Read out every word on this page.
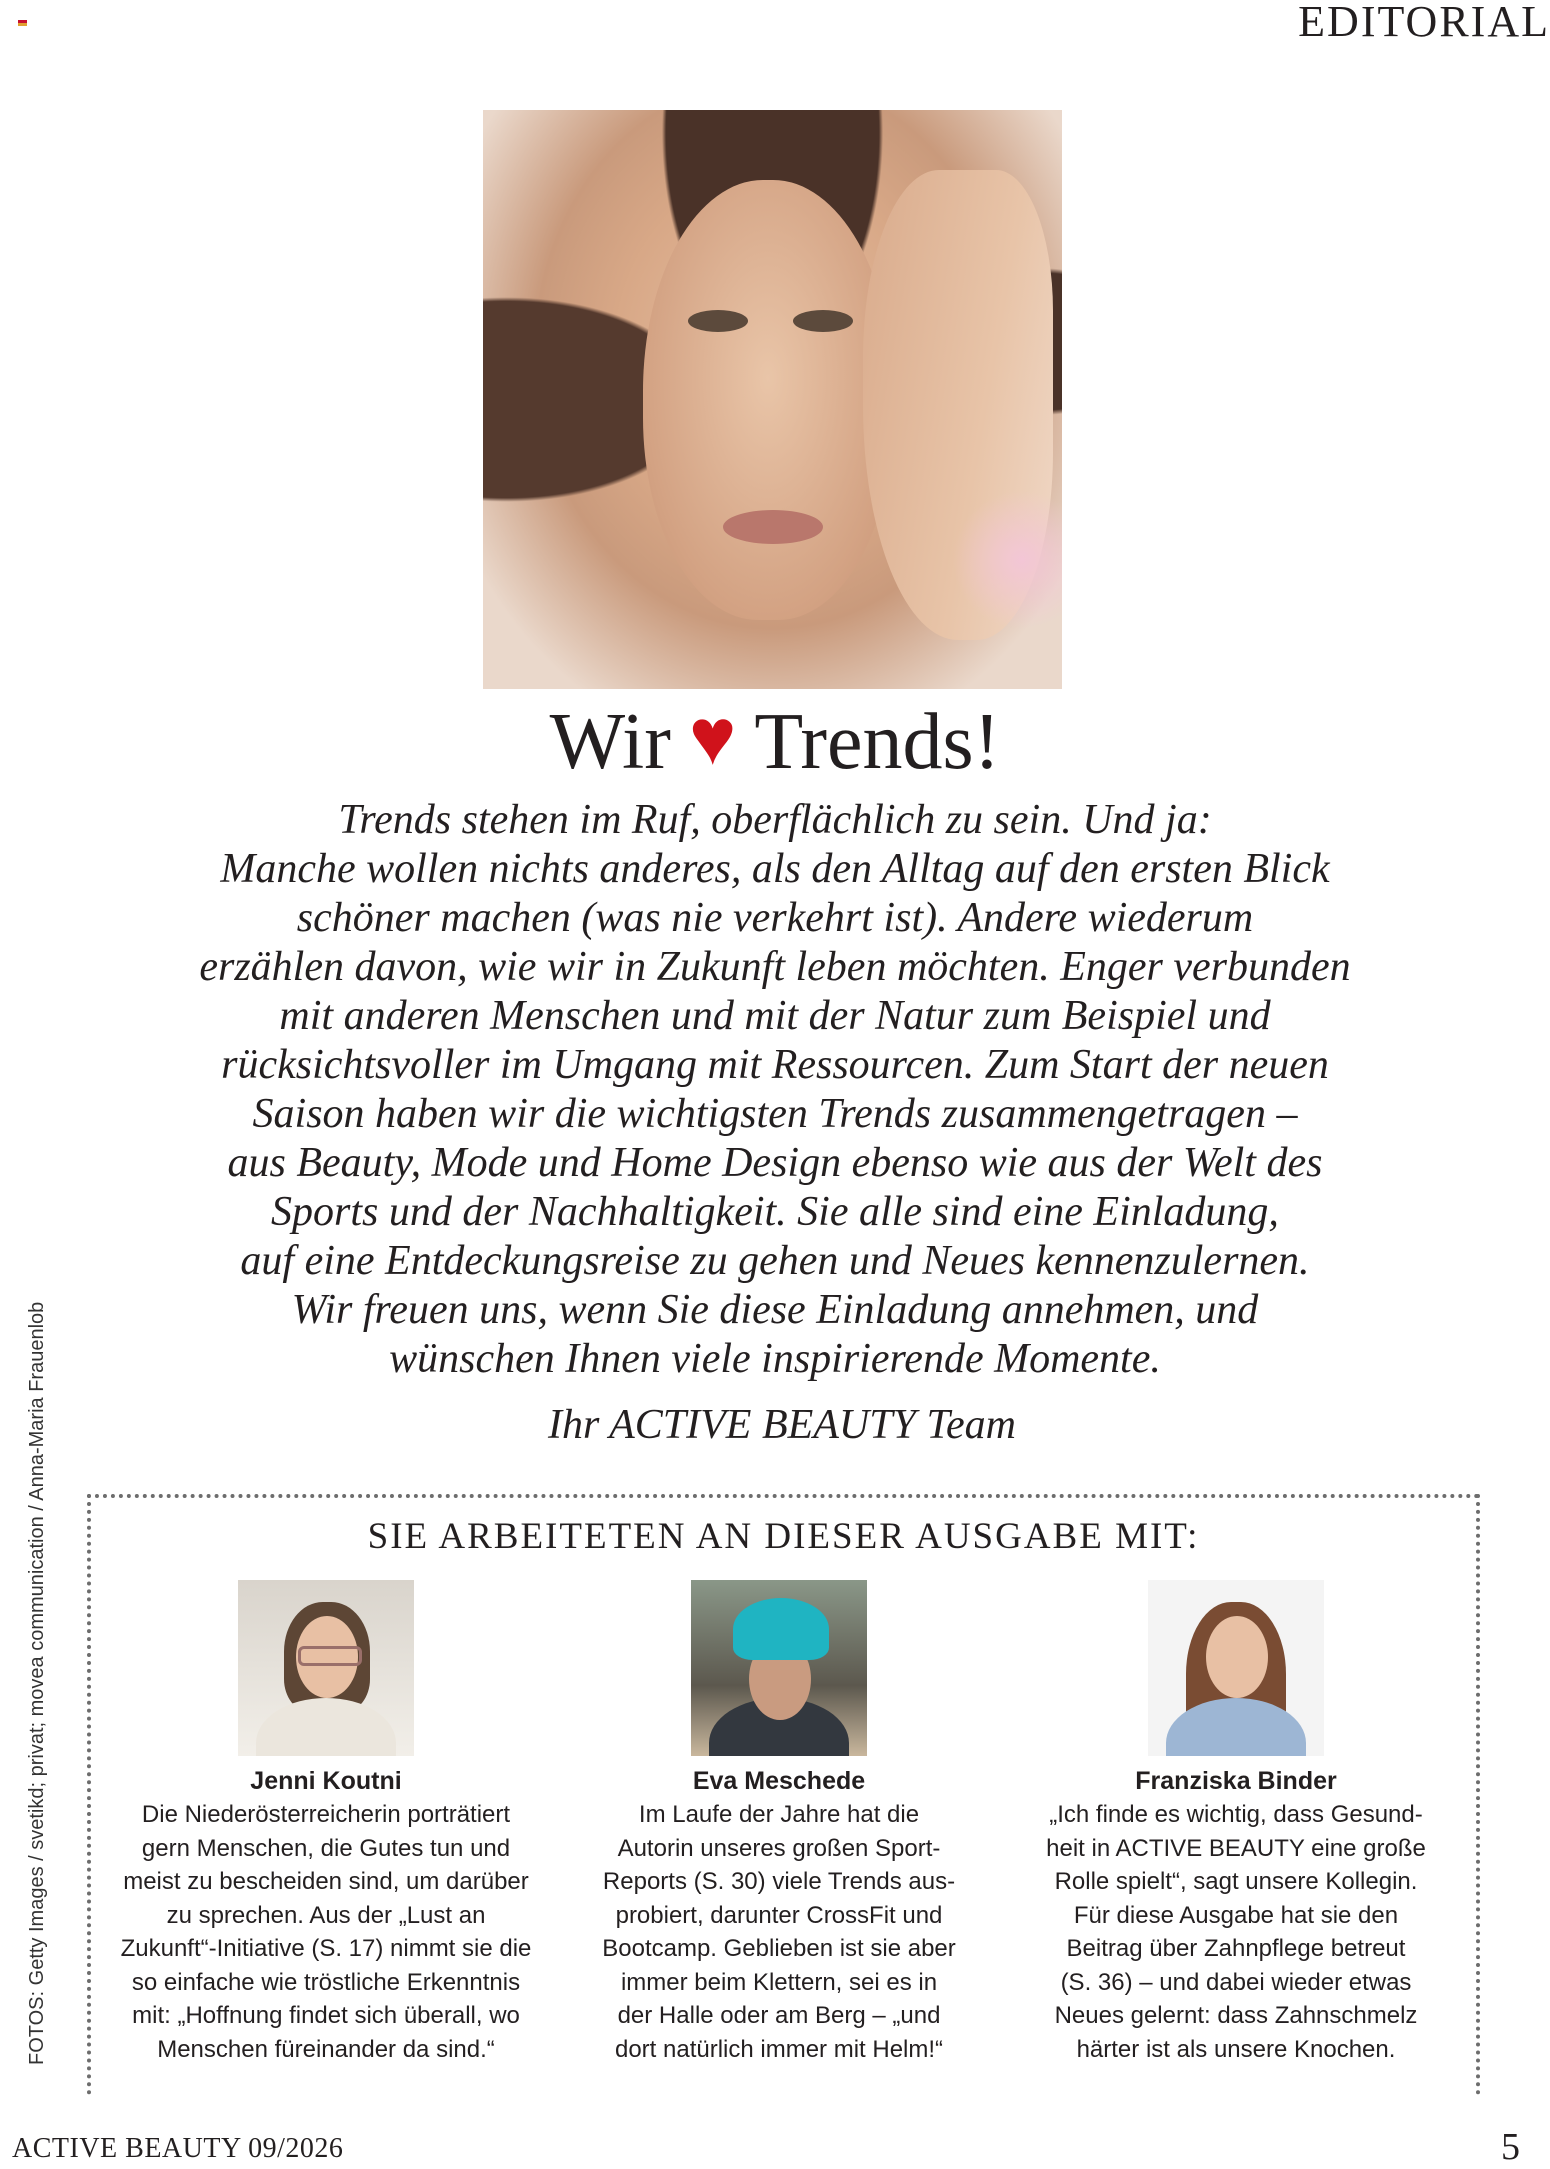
EDITORIAL
FOTOS: Getty Images / svetikd; privat; movea communication / Anna-Maria Frauenlob
Wir ♥ Trends!

Trends stehen im Ruf, oberflächlich zu sein. Und ja:
Manche wollen nichts anderes, als den Alltag auf den ersten Blick
schöner machen (was nie verkehrt ist). Andere wiederum
erzählen davon, wie wir in Zukunft leben möchten. Enger verbunden
mit anderen Menschen und mit der Natur zum Beispiel und
rücksichtsvoller im Umgang mit Ressourcen. Zum Start der neuen
Saison haben wir die wichtigsten Trends zusammengetragen –
aus Beauty, Mode und Home Design ebenso wie aus der Welt des
Sports und der Nachhaltigkeit. Sie alle sind eine Einladung,
auf eine Entdeckungsreise zu gehen und Neues kennenzulernen.
Wir freuen uns, wenn Sie diese Einladung annehmen, und
wünschen Ihnen viele inspirierende Momente.

Ihr ACTIVE BEAUTY Team
SIE ARBEITETEN AN DIESER AUSGABE MIT:
Jenni Koutni

Die Niederösterreicherin porträtiert
gern Menschen, die Gutes tun und
meist zu bescheiden sind, um darüber
zu sprechen. Aus der „Lust an
Zukunft“-Initiative (S. 17) nimmt sie die
so einfache wie tröstliche Erkenntnis
mit: „Hoffnung findet sich überall, wo
Menschen füreinander da sind.“

Eva Meschede

Im Laufe der Jahre hat die
Autorin unseres großen Sport-
Reports (S. 30) viele Trends aus-
probiert, darunter CrossFit und
Bootcamp. Geblieben ist sie aber
immer beim Klettern, sei es in
der Halle oder am Berg – „und
dort natürlich immer mit Helm!“

Franziska Binder

„Ich finde es wichtig, dass Gesund-
heit in ACTIVE BEAUTY eine große
Rolle spielt“, sagt unsere Kollegin.
Für diese Ausgabe hat sie den
Beitrag über Zahnpflege betreut
(S. 36) – und dabei wieder etwas
Neues gelernt: dass Zahnschmelz
härter ist als unsere Knochen.

ACTIVE BEAUTY 09/2026	5
